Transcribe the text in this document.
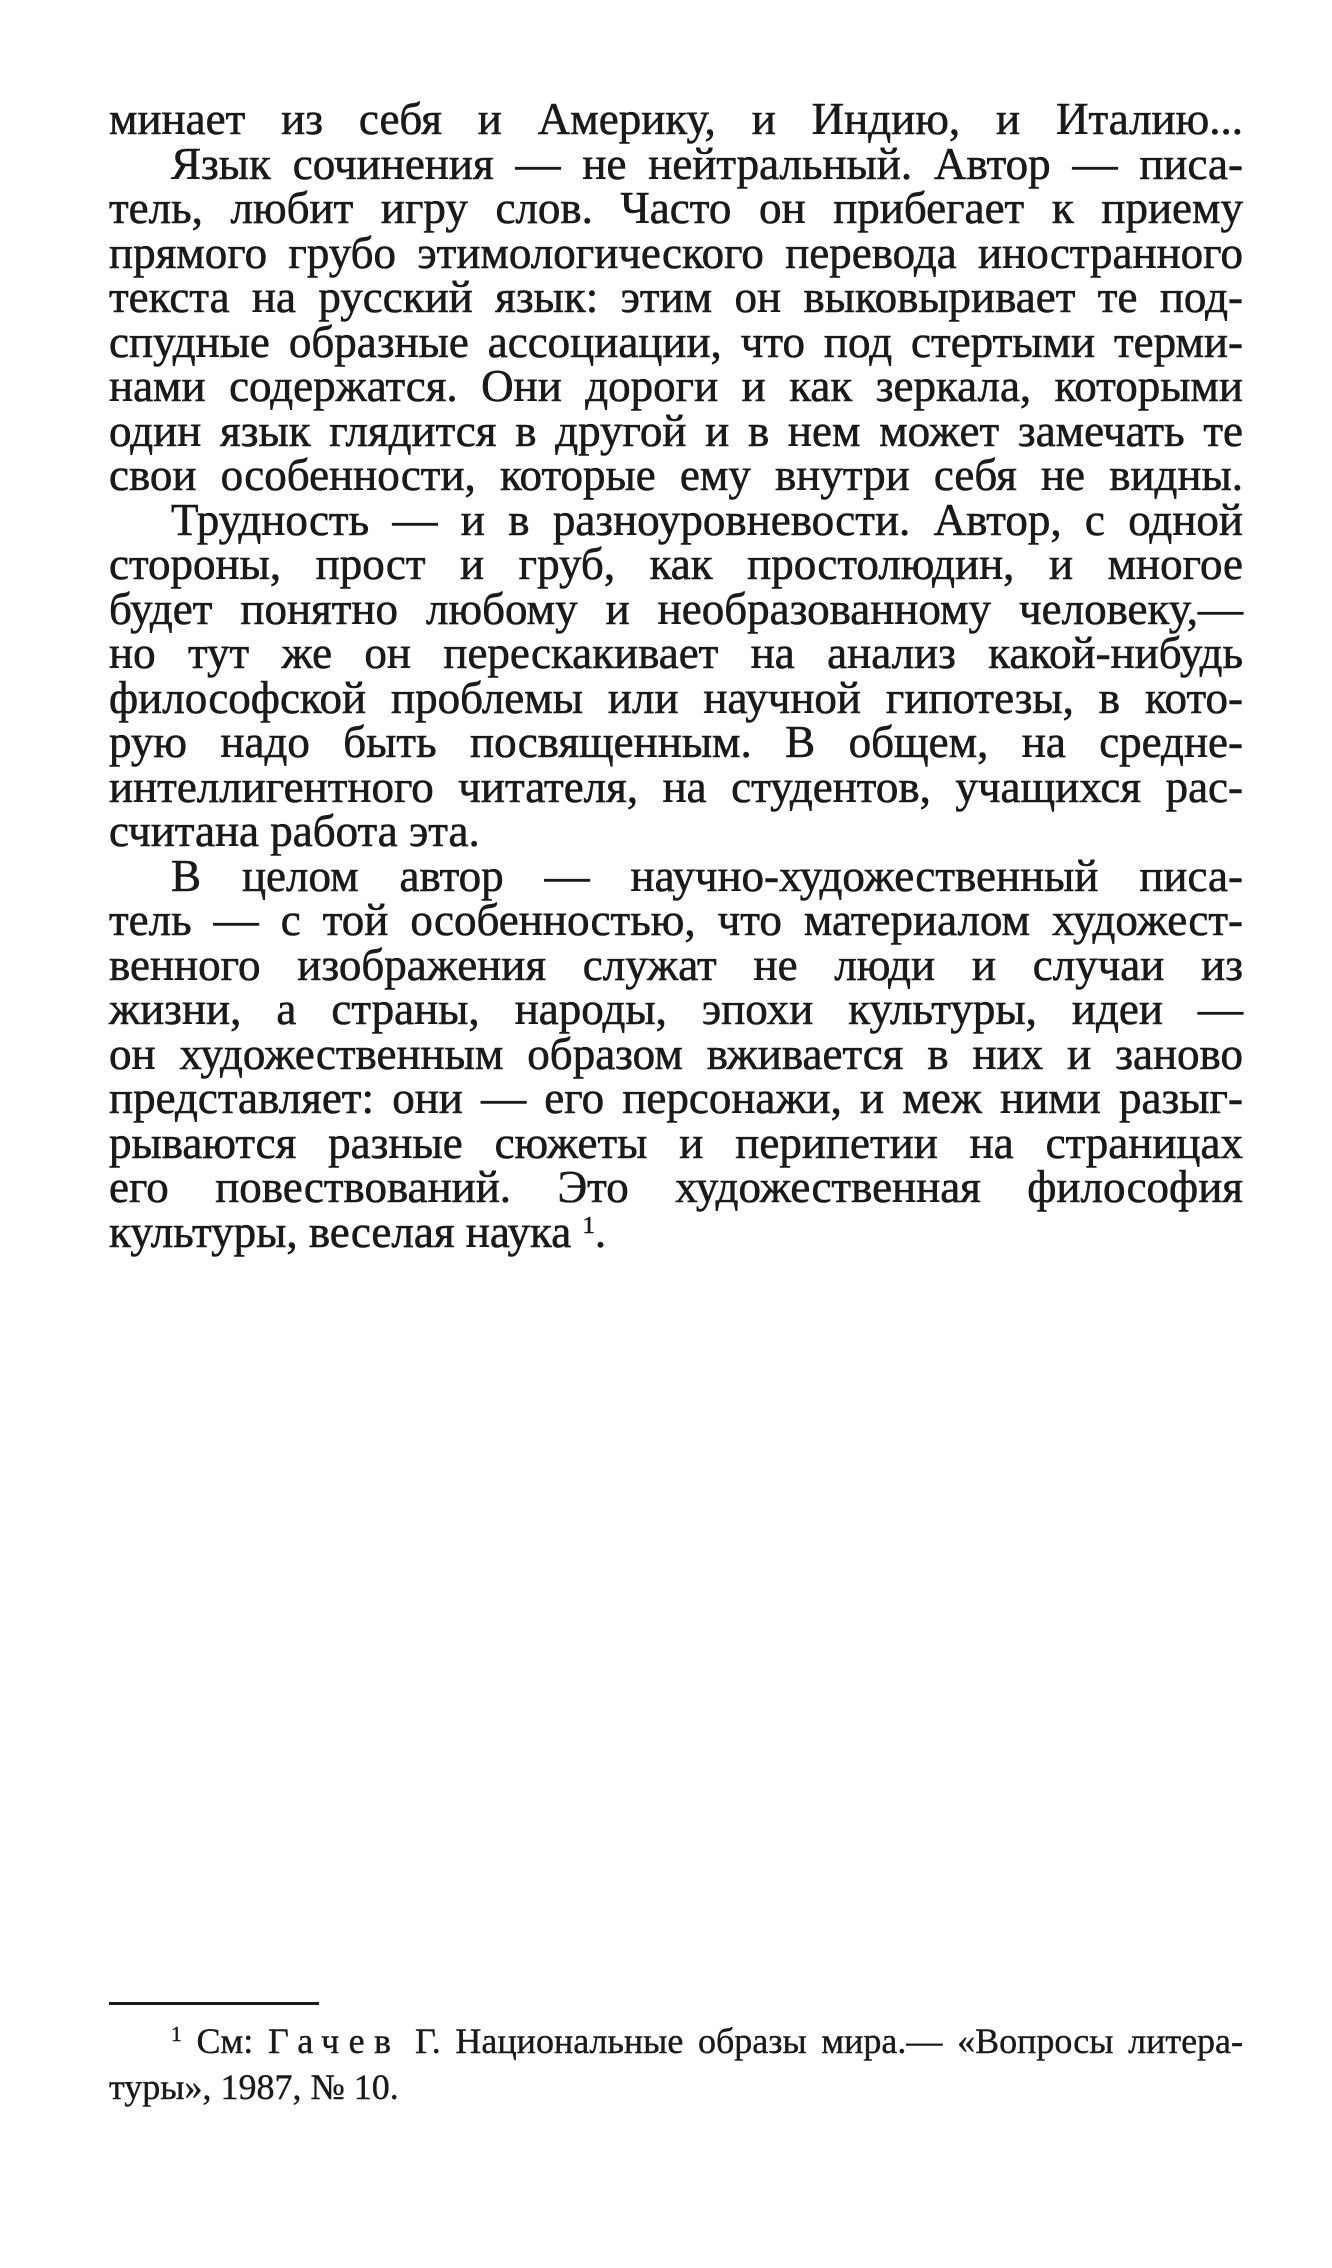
минает из себя и Америку, и Индию, и Италию...
Язык сочинения — не нейтральный. Автор — писа-
тель, любит игру слов. Часто он прибегает к приему
прямого грубо этимологического перевода иностранного
текста на русский язык: этим он выковыривает те под-
спудные образные ассоциации, что под стертыми терми-
нами содержатся. Они дороги и как зеркала, которыми
один язык глядится в другой и в нем может замечать те
свои особенности, которые ему внутри себя не видны.
Трудность — и в разноуровневости. Автор, с одной
стороны, прост и груб, как простолюдин, и многое
будет понятно любому и необразованному человеку,—
но тут же он перескакивает на анализ какой-нибудь
философской проблемы или научной гипотезы, в кото-
рую надо быть посвященным. В общем, на средне-
интеллигентного читателя, на студентов, учащихся рас-
считана работа эта.
В целом автор — научно-художественный писа-
тель — с той особенностью, что материалом художест-
венного изображения служат не люди и случаи из
жизни, а страны, народы, эпохи культуры, идеи —
он художественным образом вживается в них и заново
представляет: они — его персонажи, и меж ними разыг-
рываются разные сюжеты и перипетии на страницах
его повествований. Это художественная философия
культуры, веселая наука $^1$.
$^1$ См: Гачев Г. Национальные образы мира.— «Вопросы литера-
туры», 1987, № 10.
